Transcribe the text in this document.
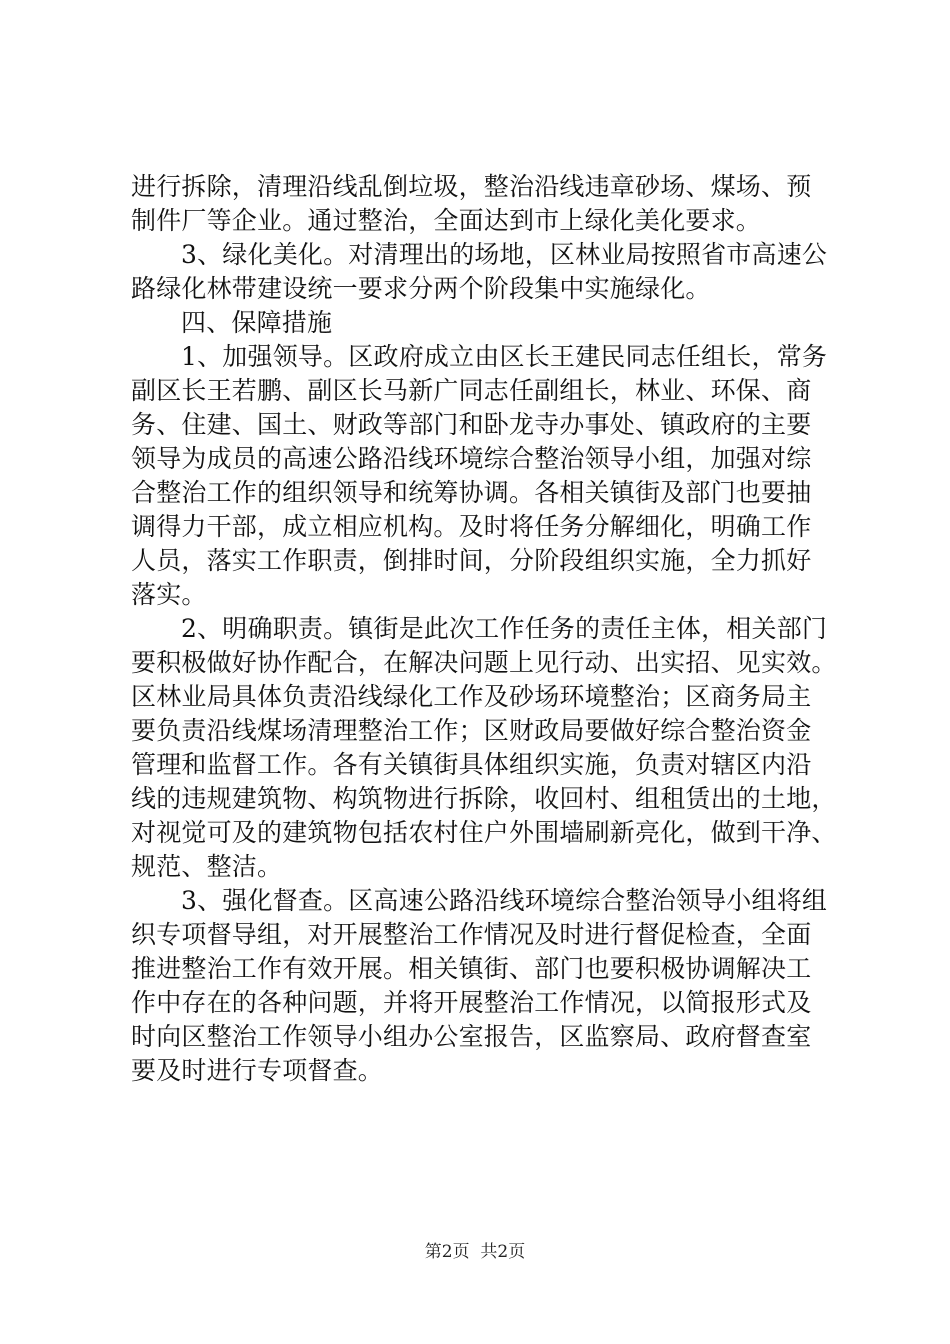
进行拆除，清理沿线乱倒垃圾，整治沿线违章砂场、煤场、预
制件厂等企业。通过整治，全面达到市上绿化美化要求。
3、绿化美化。对清理出的场地，区林业局按照省市高速公
路绿化林带建设统一要求分两个阶段集中实施绿化。
四、保障措施
1、加强领导。区政府成立由区长王建民同志任组长，常务
副区长王若鹏、副区长马新广同志任副组长，林业、环保、商
务、住建、国土、财政等部门和卧龙寺办事处、镇政府的主要
领导为成员的高速公路沿线环境综合整治领导小组，加强对综
合整治工作的组织领导和统筹协调。各相关镇街及部门也要抽
调得力干部，成立相应机构。及时将任务分解细化，明确工作
人员，落实工作职责，倒排时间，分阶段组织实施，全力抓好
落实。
2、明确职责。镇街是此次工作任务的责任主体，相关部门
要积极做好协作配合，在解决问题上见行动、出实招、见实效。
区林业局具体负责沿线绿化工作及砂场环境整治；区商务局主
要负责沿线煤场清理整治工作；区财政局要做好综合整治资金
管理和监督工作。各有关镇街具体组织实施，负责对辖区内沿
线的违规建筑物、构筑物进行拆除，收回村、组租赁出的土地，
对视觉可及的建筑物包括农村住户外围墙刷新亮化，做到干净、
规范、整洁。
3、强化督查。区高速公路沿线环境综合整治领导小组将组
织专项督导组，对开展整治工作情况及时进行督促检查，全面
推进整治工作有效开展。相关镇街、部门也要积极协调解决工
作中存在的各种问题，并将开展整治工作情况，以简报形式及
时向区整治工作领导小组办公室报告，区监察局、政府督查室
要及时进行专项督查。
第2页  共2页
